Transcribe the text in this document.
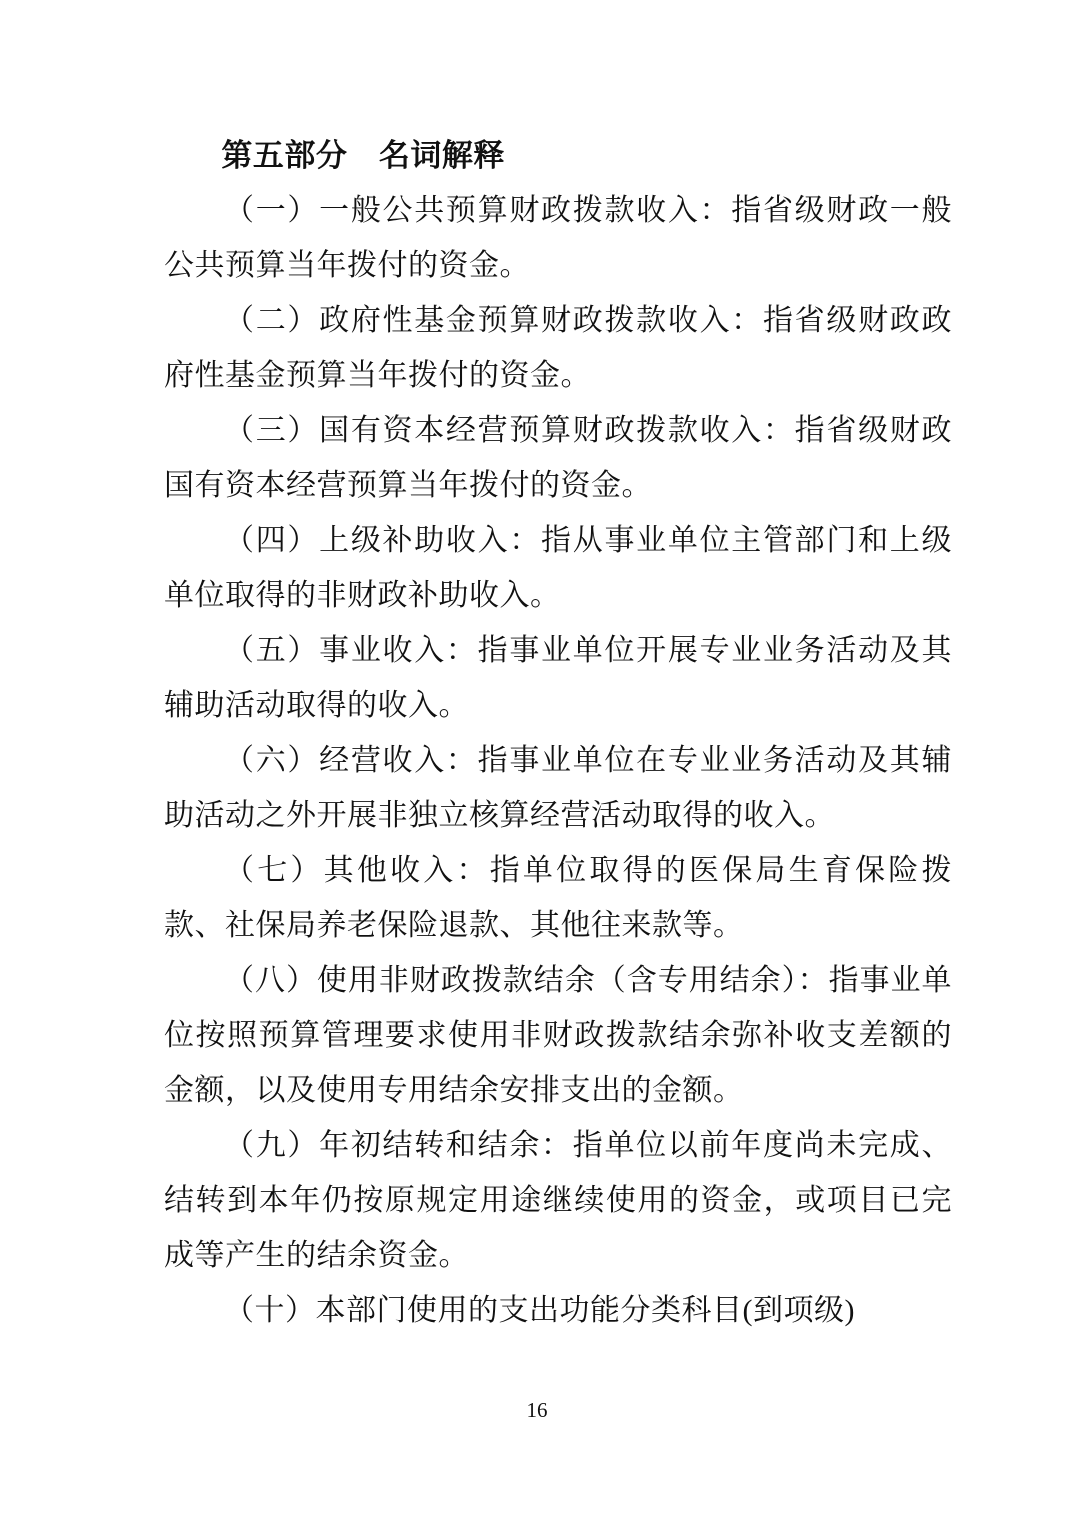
第五部分　名词解释

（一）一般公共预算财政拨款收入：指省级财政一般公共预算当年拨付的资金。

（二）政府性基金预算财政拨款收入：指省级财政政府性基金预算当年拨付的资金。

（三）国有资本经营预算财政拨款收入：指省级财政国有资本经营预算当年拨付的资金。

（四）上级补助收入：指从事业单位主管部门和上级单位取得的非财政补助收入。

（五）事业收入：指事业单位开展专业业务活动及其辅助活动取得的收入。

（六）经营收入：指事业单位在专业业务活动及其辅助活动之外开展非独立核算经营活动取得的收入。

（七）其他收入：指单位取得的医保局生育保险拨款、社保局养老保险退款、其他往来款等。

（八）使用非财政拨款结余（含专用结余）：指事业单位按照预算管理要求使用非财政拨款结余弥补收支差额的金额，以及使用专用结余安排支出的金额。

（九）年初结转和结余：指单位以前年度尚未完成、结转到本年仍按原规定用途继续使用的资金，或项目已完成等产生的结余资金。

（十）本部门使用的支出功能分类科目(到项级)

16
